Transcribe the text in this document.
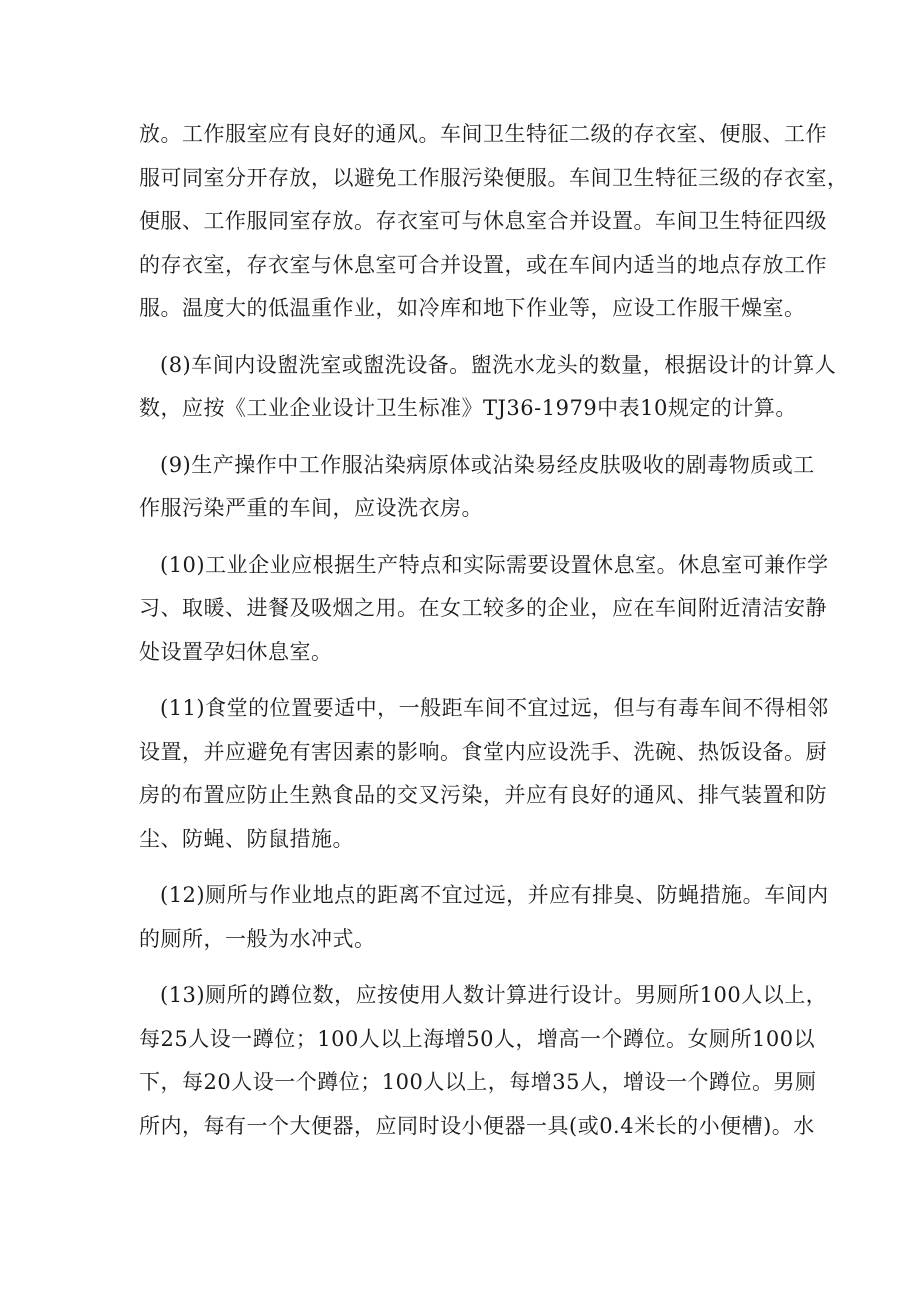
放。工作服室应有良好的通风。车间卫生特征二级的存衣室、便服、工作
服可同室分开存放，以避免工作服污染便服。车间卫生特征三级的存衣室，
便服、工作服同室存放。存衣室可与休息室合并设置。车间卫生特征四级
的存衣室，存衣室与休息室可合并设置，或在车间内适当的地点存放工作
服。温度大的低温重作业，如冷库和地下作业等，应设工作服干燥室。

(8)车间内设盥洗室或盥洗设备。盥洗水龙头的数量，根据设计的计算人
数，应按《工业企业设计卫生标准》TJ36-1979中表10规定的计算。

(9)生产操作中工作服沾染病原体或沾染易经皮肤吸收的剧毒物质或工
作服污染严重的车间，应设洗衣房。

(10)工业企业应根据生产特点和实际需要设置休息室。休息室可兼作学
习、取暖、进餐及吸烟之用。在女工较多的企业，应在车间附近清洁安静
处设置孕妇休息室。

(11)食堂的位置要适中，一般距车间不宜过远，但与有毒车间不得相邻
设置，并应避免有害因素的影响。食堂内应设洗手、洗碗、热饭设备。厨
房的布置应防止生熟食品的交叉污染，并应有良好的通风、排气装置和防
尘、防蝇、防鼠措施。

(12)厕所与作业地点的距离不宜过远，并应有排臭、防蝇措施。车间内
的厕所，一般为水冲式。

(13)厕所的蹲位数，应按使用人数计算进行设计。男厕所100人以上，
每25人设一蹲位；100人以上海增50人，增高一个蹲位。女厕所100以
下，每20人设一个蹲位；100人以上，每增35人，增设一个蹲位。男厕
所内，每有一个大便器，应同时设小便器一具(或0.4米长的小便槽)。水
